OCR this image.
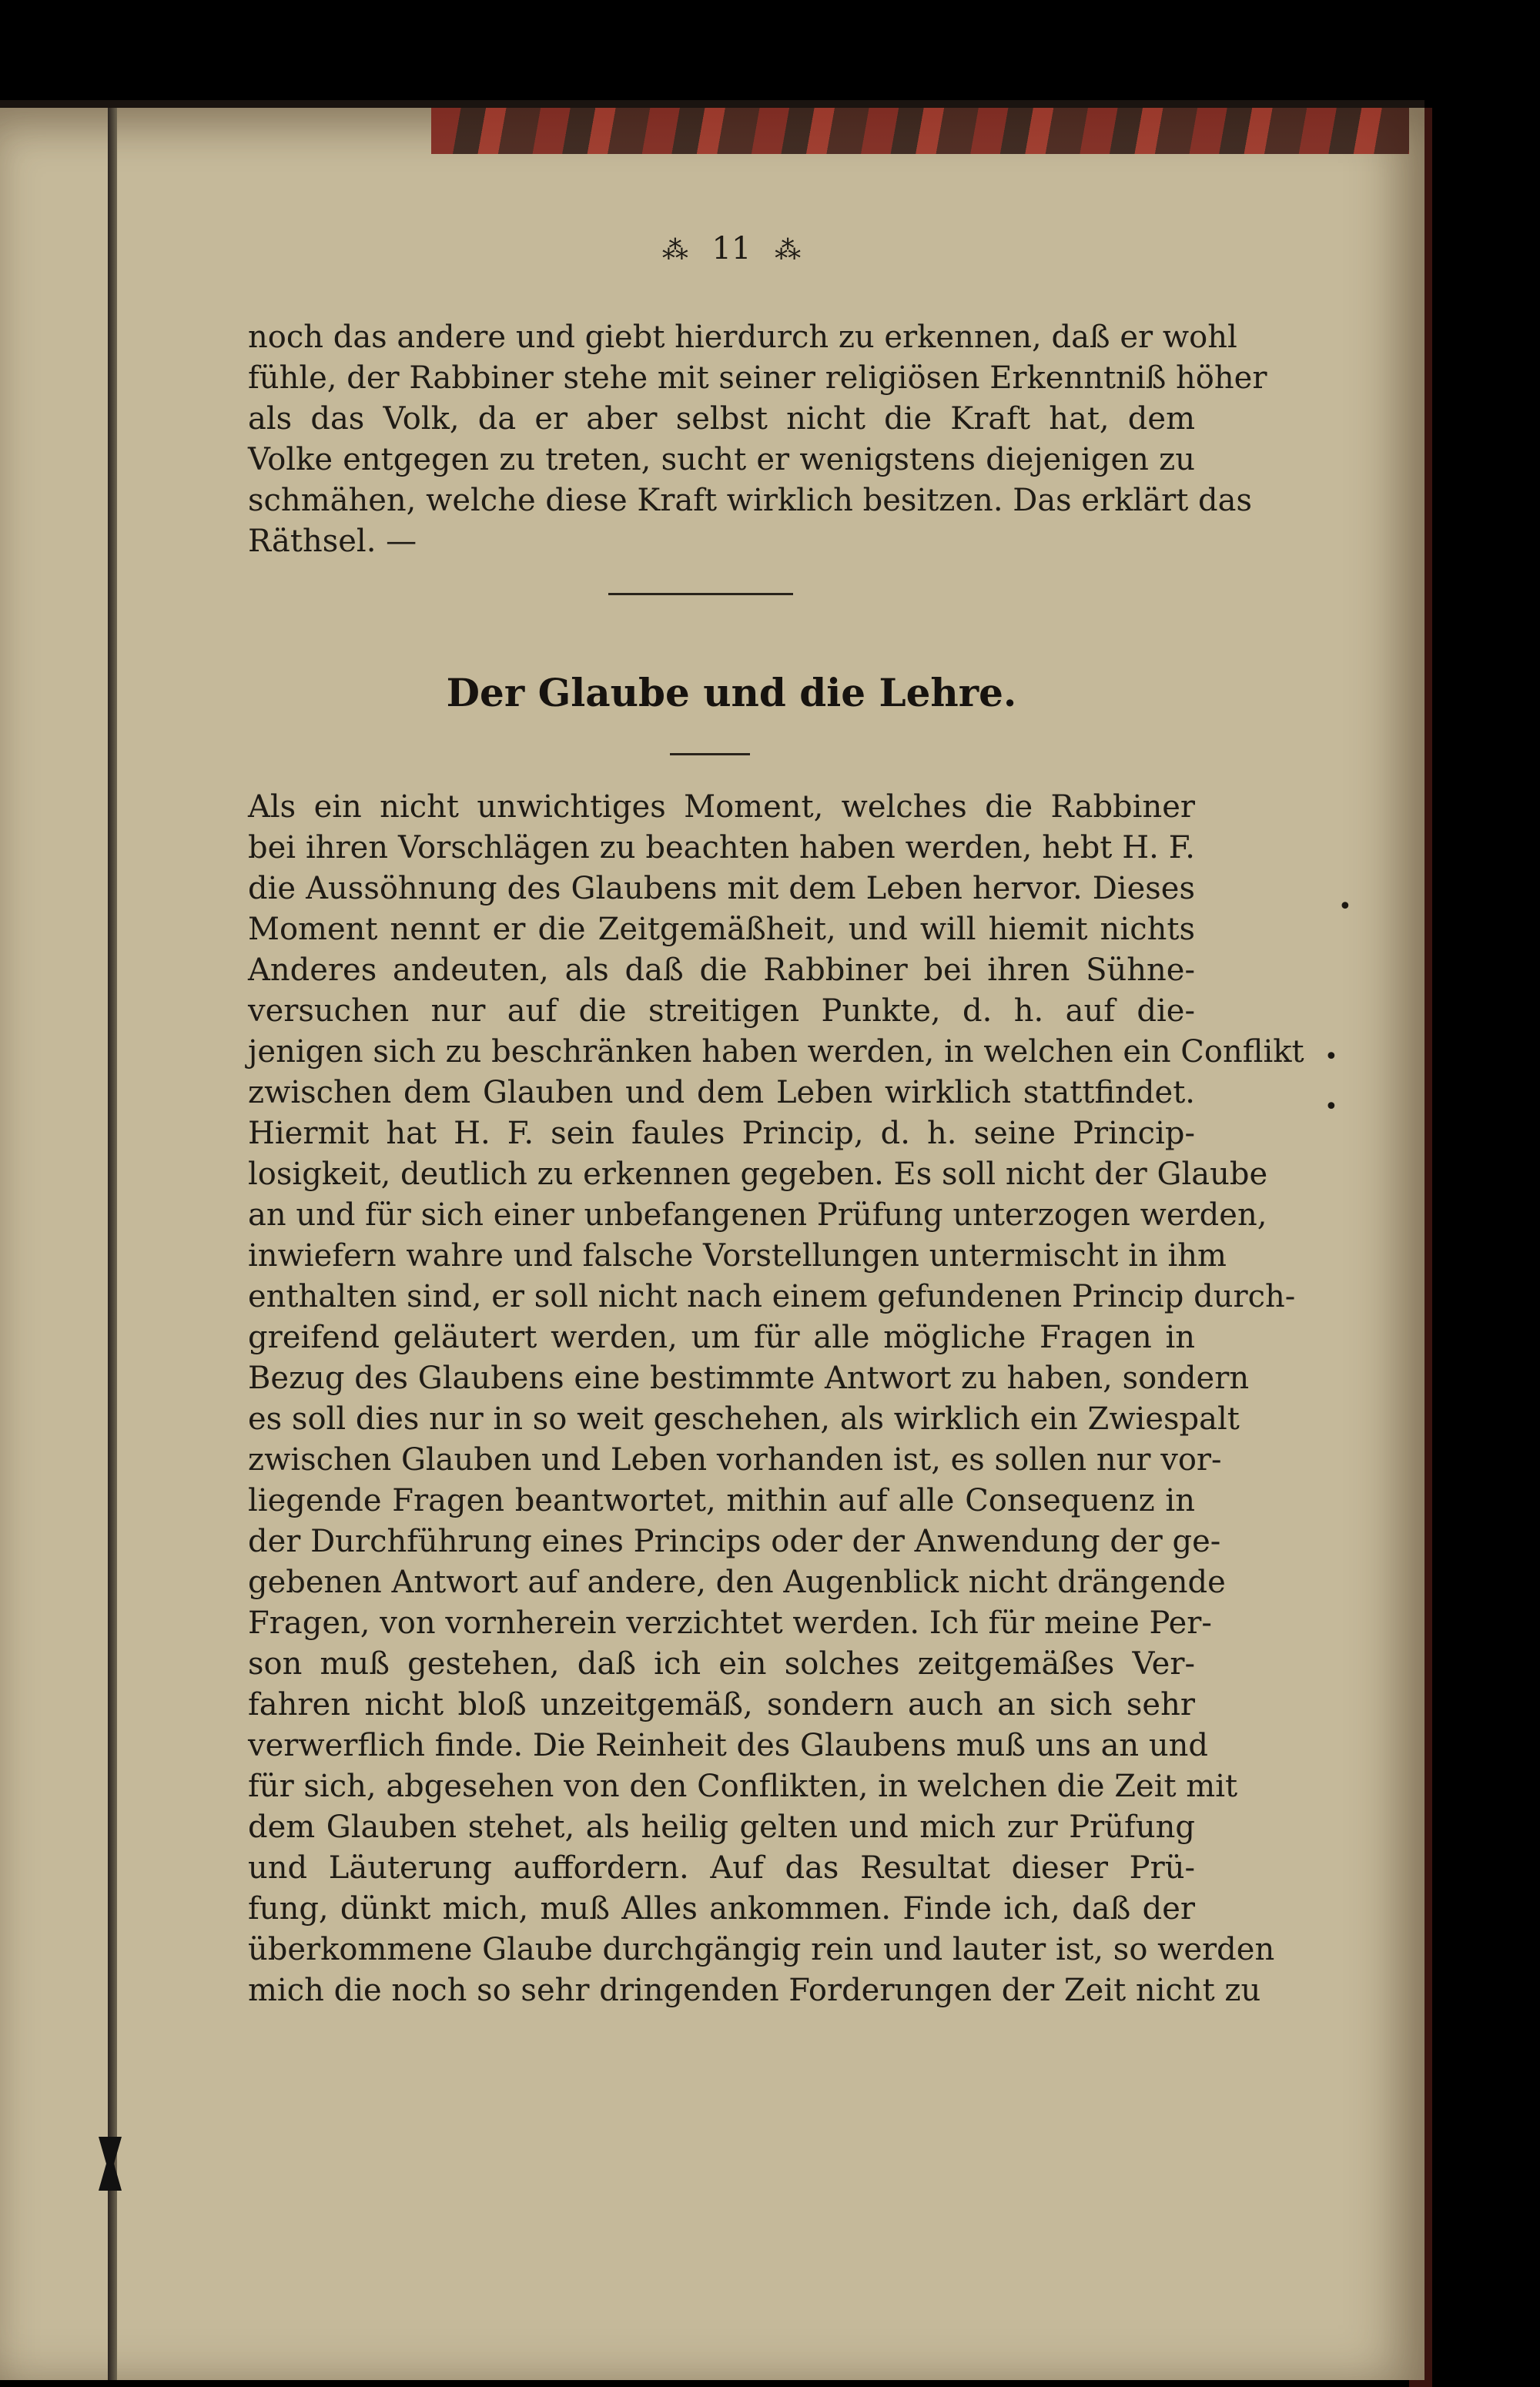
⁂ 11 ⁂
noch das andere und giebt hierdurch zu erkennen, daß er wohl
fühle, der Rabbiner stehe mit seiner religiösen Erkenntniß höher
als das Volk, da er aber selbst nicht die Kraft hat, dem
Volke entgegen zu treten, sucht er wenigstens diejenigen zu
schmähen, welche diese Kraft wirklich besitzen. Das erklärt das
Räthsel. —
Der Glaube und die Lehre.
Als ein nicht unwichtiges Moment, welches die Rabbiner
bei ihren Vorschlägen zu beachten haben werden, hebt H. F.
die Aussöhnung des Glaubens mit dem Leben hervor. Dieses
Moment nennt er die Zeitgemäßheit, und will hiemit nichts
Anderes andeuten, als daß die Rabbiner bei ihren Sühne-
versuchen nur auf die streitigen Punkte, d. h. auf die-
jenigen sich zu beschränken haben werden, in welchen ein Conflikt
zwischen dem Glauben und dem Leben wirklich stattfindet.
Hiermit hat H. F. sein faules Princip, d. h. seine Princip-
losigkeit, deutlich zu erkennen gegeben. Es soll nicht der Glaube
an und für sich einer unbefangenen Prüfung unterzogen werden,
inwiefern wahre und falsche Vorstellungen untermischt in ihm
enthalten sind, er soll nicht nach einem gefundenen Princip durch-
greifend geläutert werden, um für alle mögliche Fragen in
Bezug des Glaubens eine bestimmte Antwort zu haben, sondern
es soll dies nur in so weit geschehen, als wirklich ein Zwiespalt
zwischen Glauben und Leben vorhanden ist, es sollen nur vor-
liegende Fragen beantwortet, mithin auf alle Consequenz in
der Durchführung eines Princips oder der Anwendung der ge-
gebenen Antwort auf andere, den Augenblick nicht drängende
Fragen, von vornherein verzichtet werden. Ich für meine Per-
son muß gestehen, daß ich ein solches zeitgemäßes Ver-
fahren nicht bloß unzeitgemäß, sondern auch an sich sehr
verwerflich finde. Die Reinheit des Glaubens muß uns an und
für sich, abgesehen von den Conflikten, in welchen die Zeit mit
dem Glauben stehet, als heilig gelten und mich zur Prüfung
und Läuterung auffordern. Auf das Resultat dieser Prü-
fung, dünkt mich, muß Alles ankommen. Finde ich, daß der
überkommene Glaube durchgängig rein und lauter ist, so werden
mich die noch so sehr dringenden Forderungen der Zeit nicht zu
•
•
•
